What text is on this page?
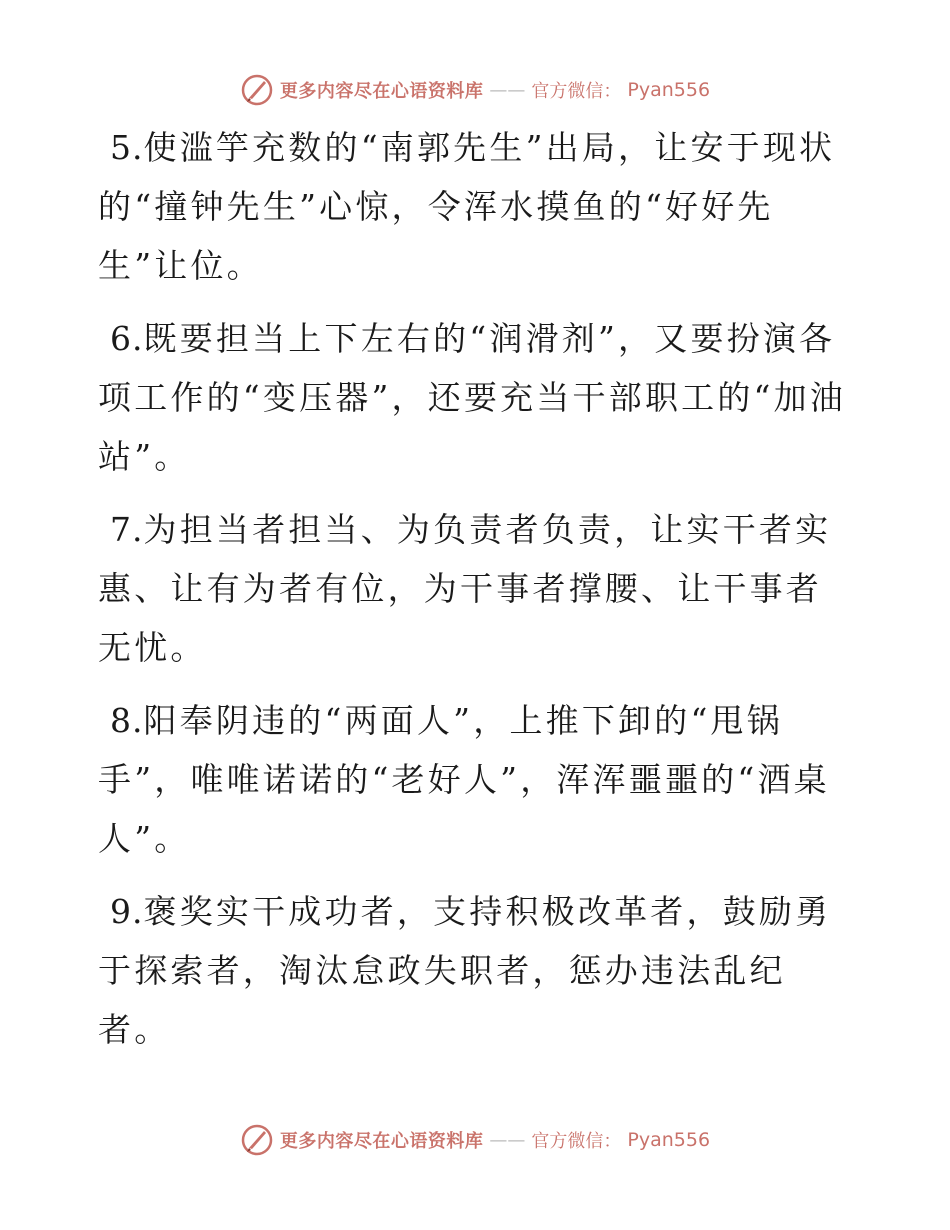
更多内容尽在心语资料库 —— 官方微信： Pyan556

5.使滥竽充数的“南郭先生”出局，让安于现状的“撞钟先生”心惊，令浑水摸鱼的“好好先生”让位。

6.既要担当上下左右的“润滑剂”，又要扮演各项工作的“变压器”，还要充当干部职工的“加油站”。

7.为担当者担当、为负责者负责，让实干者实惠、让有为者有位，为干事者撑腰、让干事者无忧。

8.阳奉阴违的“两面人”，上推下卸的“甩锅手”，唯唯诺诺的“老好人”，浑浑噩噩的“酒桌人”。

9.褒奖实干成功者，支持积极改革者，鼓励勇于探索者，淘汰怠政失职者，惩办违法乱纪者。

更多内容尽在心语资料库 —— 官方微信： Pyan556
